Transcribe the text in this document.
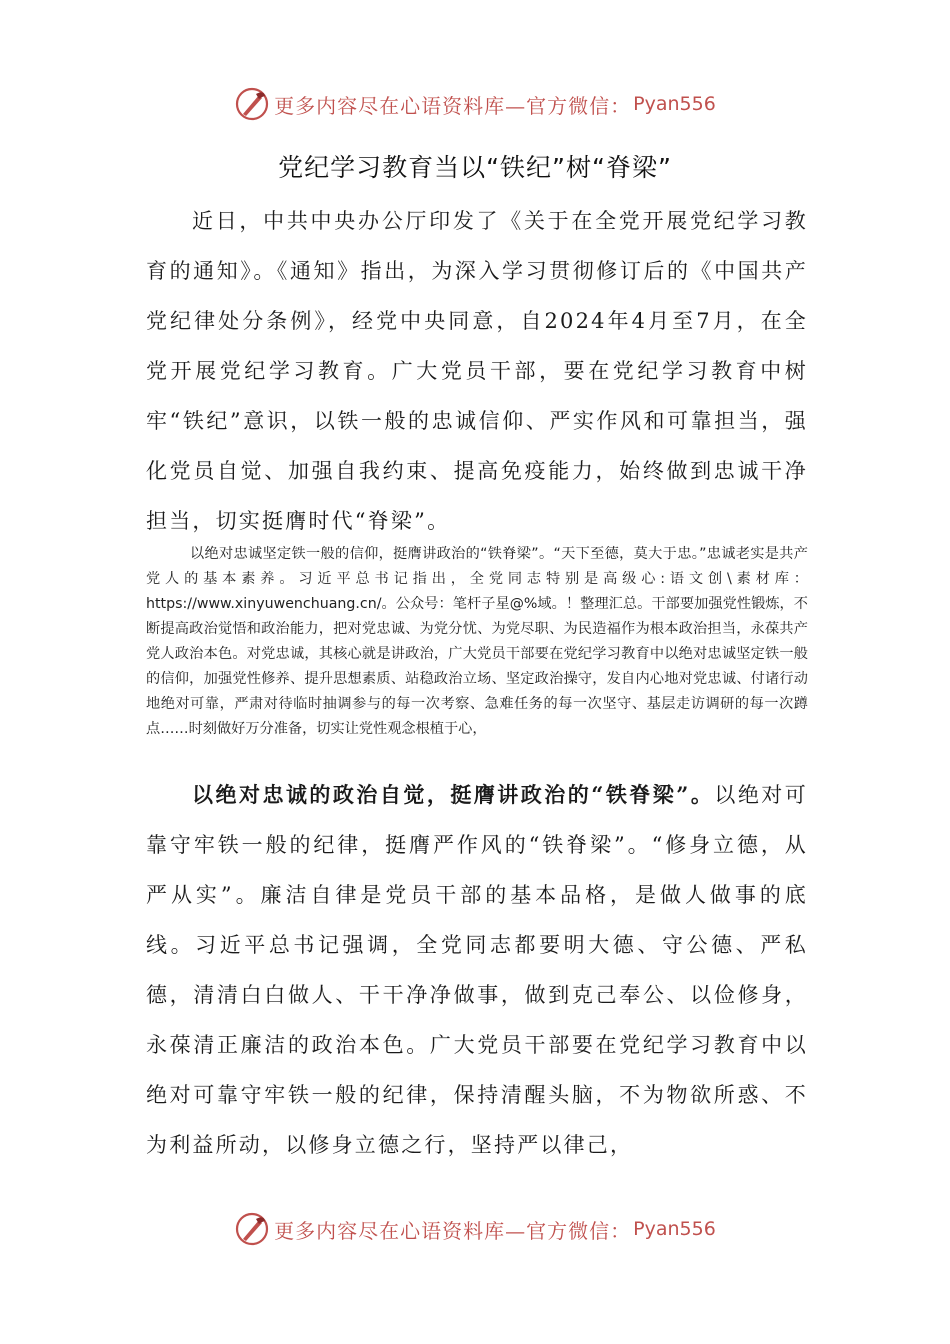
更多内容尽在心语资料库—官方微信： Pyan556
党纪学习教育当以“铁纪”树“脊梁”

近日，中共中央办公厅印发了《关于在全党开展党纪学习教育的通知》。《通知》指出，为深入学习贯彻修订后的《中国共产党纪律处分条例》，经党中央同意，自2024年4月至7月，在全党开展党纪学习教育。广大党员干部，要在党纪学习教育中树牢“铁纪”意识，以铁一般的忠诚信仰、严实作风和可靠担当，强化党员自觉、加强自我约束、提高免疫能力，始终做到忠诚干净担当，切实挺膺时代“脊梁”。

以绝对忠诚坚定铁一般的信仰，挺膺讲政治的“铁脊梁”。“天下至德，莫大于忠。”忠诚老实是共产党人的基本素养。习近平总书记指出，全党同志特别是高级心:语文创\素材库：https://www.xinyuwenchuang.cn/。公众号：笔杆子星@%域。！整理汇总。干部要加强党性锻炼，不断提高政治觉悟和政治能力，把对党忠诚、为党分忧、为党尽职、为民造福作为根本政治担当，永葆共产党人政治本色。对党忠诚，其核心就是讲政治，广大党员干部要在党纪学习教育中以绝对忠诚坚定铁一般的信仰，加强党性修养、提升思想素质、站稳政治立场、坚定政治操守，发自内心地对党忠诚、付诸行动地绝对可靠，严肃对待临时抽调参与的每一次考察、急难任务的每一次坚守、基层走访调研的每一次蹲点……时刻做好万分准备，切实让党性观念根植于心，

以绝对忠诚的政治自觉，挺膺讲政治的“铁脊梁”。以绝对可靠守牢铁一般的纪律，挺膺严作风的“铁脊梁”。“修身立德，从严从实”。廉洁自律是党员干部的基本品格，是做人做事的底线。习近平总书记强调，全党同志都要明大德、守公德、严私德，清清白白做人、干干净净做事，做到克己奉公、以俭修身，永葆清正廉洁的政治本色。广大党员干部要在党纪学习教育中以绝对可靠守牢铁一般的纪律，保持清醒头脑，不为物欲所惑、不为利益所动，以修身立德之行，坚持严以律己，

更多内容尽在心语资料库—官方微信： Pyan556
